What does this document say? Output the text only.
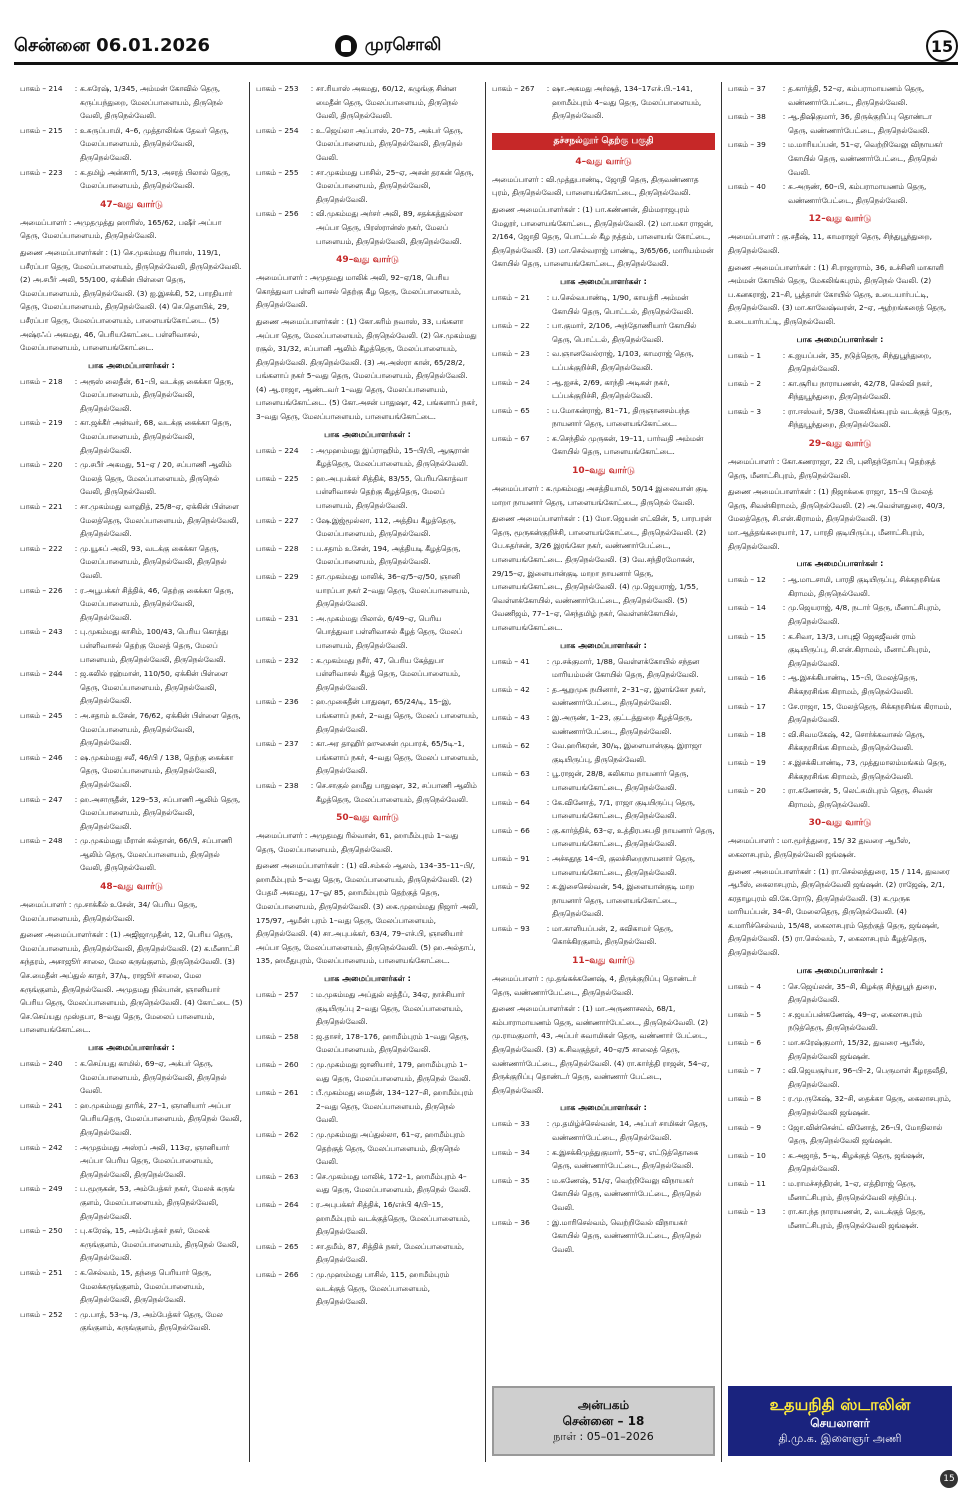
சென்னை 06.01.2026	முரசொலி	15
பாகம் – 214	: க.சுரேஷ், 1/345, அம்மன் கோவில் தெரு, கருப்பந்துறை, மேலப்பாளையம், திருநெல் வேலி, திருநெல்வேலி.
பாகம் – 215	: உசுருப்பாமி, 4–6, முத்தாலிங்க தேவர் தெரு, மேலப்பாளையம், திருநெல்வேலி, திருநெல்வேலி.
பாகம் – 223	: க.தமிழ் அன்சாரி, 5/13, அசரத் பிலால் தெரு, மேலப்பாளையம், திருநெல்வேலி.
47–வது வார்டு
அமைப்பாளர் : அமுதமுத்து ஹாரிஸ், 165/62, பஷீர் அப்பா தெரு, மேலப்பாளையம், திருநெல்வேலி.
துணை அமைப்பாளர்கள் : (1) செ.முகம்மது ரியாஸ், 119/1, பசீரப்பா தெரு, மேலப்பாளையம், திருநெல்வேலி, திருநெல்வேலி. (2) அ.சபீர் அலி, 55/100, ஏக்கின் பிள்ளை தெரு, மேலப்பாளையம், திருநெல்வேலி. (3) ஐ.இசக்கி, 52, பாரதியார் தெரு, மேலப்பாளையம், திருநெல்வேலி. (4) செ.தௌபிக், 29, பசீரப்பா தெரு, மேலப்பாளையம், பாளையங்கோட்டை. (5) அஷ்ரஃப் அகமது, 46, பெரியகோட்டை பள்ளிவாசல், மேலப்பாளையம், பாளையங்கோட்டை.
பாக அமைப்பாளர்கள் :
பாகம் – 218	: அரூஸ் லைதீன், 61–பி, வடக்கு கைக்கா தெரு, மேலப்பாளையம், திருநெல்வேலி, திருநெல்வேலி.
பாகம் – 219	: கா.ஜக்கீர் அன்வர், 68, வடக்கு கைக்கா தெரு, மேலப்பாளையம், திருநெல்வேலி, திருநெல்வேலி.
பாகம் – 220	: மு.சபீர் அகமது, 51–ஏ / 20, சப்பாணி ஆலிம் மேலத் தெரு, மேலப்பாளையம், திருநெல் வேலி, திருநெல்வேலி.
பாகம் – 221	: சா.முகம்மது வாஹித், 25/8–ஏ, ஏக்கின் பிள்ளை மேலத்தெரு, மேலப்பாளையம், திருநெல்வேலி, திருநெல்வேலி.
பாகம் – 222	: மு.யூசுப் அலி, 93, வடக்கு கைக்கா தெரு, மேலப்பாளையம், திருநெல்வேலி, திருநெல் வேலி.
பாகம் – 226	: ர.அபூபக்கர் சித்திக், 46, தெற்கு கைக்கா தெரு, மேலப்பாளையம், திருநெல்வேலி, திருநெல்வேலி.
பாகம் – 243	: பு.முகம்மது காசிம், 100/43, பெரிய கொத்து பள்ளிவாசல் தெற்கு மேலத் தெரு, மேலப் பாளையம், திருநெல்வேலி, திருநெல்வேலி.
பாகம் – 244	: ஜ.கலில் ரஹ்மான், 110/50, ஏக்கின் பிள்ளை தெரு, மேலப்பாளையம், திருநெல்வேலி, திருநெல்வேலி.
பாகம் – 245	: அ.சதாம் உசேன், 76/62, ஏக்கின் பிள்ளை தெரு, மேலப்பாளையம், திருநெல்வேலி, திருநெல்வேலி.
பாகம் – 246	: ஷ.முகம்மது சலீ, 46/பி / 138, தெற்கு கைக்கா தெரு, மேலப்பாளையம், திருநெல்வேலி, திருநெல்வேலி.
பாகம் – 247	: ஹ.அசாருதீன், 129–53, சப்பாணி ஆலிம் தெரு, மேலப்பாளையம், திருநெல்வேலி, திருநெல்வேலி.
பாகம் – 248	: மு.முகம்மது மீரான் கல்தான், 66/பி, சப்பாணி ஆலிம் தெரு, மேலப்பாளையம், திருநெல் வேலி, திருநெல்வேலி.
48–வது வார்டு
அமைப்பாளர் : மு.சாக்கீல் உசேன், 34/ பெரிய தெரு, மேலப்பாளையம், திருநெல்வேலி.
துணை அமைப்பாளர்கள் : (1) அஜிஜாமுதீன், 12, பெரிய தெரு, மேலப்பாளையம், திருநெல்வேலி, திருநெல்வேலி. (2) க.மீனாட்சி சுந்தரம், அசாஜூர் சாலை, மேல கருங்குளம், திருநெல்வேலி. (3) செ.மைதீன் அப்துல் காதர், 37/டி, ராஜூர் சாலை, மேல கருங்குளம், திருநெல்வேலி. அமுதமது நில்பான், ஞானியார் பெரிய தெரு, மேலப்பாளையம், திருநெல்வேலி. (4) கோட்டை (5) செ.செய்யது முஸ்தபா, 8–வது தெரு, மேலைப் பாளையம், பாளையங்கோட்டை.
பாக அமைப்பாளர்கள் :
பாகம் – 240	: க.செய்யது காமில், 69–ஏ, அக்பர் தெரு, மேலப்பாளையம், திருநெல்வேலி, திருநெல் வேலி.
பாகம் – 241	: ஹ.முகம்மது தாரிக், 27–1, ஞானியார் அப்பா பெரியதெரு, மேலப்பாளையம், திருநெல் வேலி, திருநெல்வேலி.
பாகம் – 242	: அமுதம்மது அஸ்ரப் அலி, 113ஏ, ஞானியார் அப்பா பெரிய தெரு, மேலப்பாளையம், திருநெல்வேலி, திருநெல்வேலி.
பாகம் – 249	: ப.மூருகன், 53, அம்பேத்கர் நகர், மேலக் கருங் குளம், மேலப்பாளையம், திருநெல்வேலி, திருநெல்வேலி.
பாகம் – 250	: பு.சுரேஷ், 15, அம்பேத்கர் நகர், மேலக் கருங்குளம், மேலப்பாளையம், திருநெல் வேலி, திருநெல்வேலி.
பாகம் – 251	: க.செல்வம், 15, தந்தை பெரியார் தெரு, மேலக்கருங்குளம், மேலப்பாளையம், திருநெல்வேலி, திருநெல்வேலி.
பாகம் – 252	: மு.பாத், 53–டி /3, அம்பேத்கர் தெரு, மேல குங்குளம், கருங்குளம், திருநெல்வேலி.
பாகம் – 253	: சா.ரியாஸ் அகமது, 60/12, கழுங்கு சின்ன மைதீன் தெரு, மேலப்பாளையம், திருநெல் வேலி, திருநெல்வேலி.
பாகம் – 254	: உ.ஜெய்லா அப்பாஸ், 20–75, அக்பர் தெரு, மேலப்பாளையம், திருநெல்வேலி, திருநெல் வேலி.
பாகம் – 255	: சா.முகம்மது பாசில், 25–ஏ, அசன் தரகன் தெரு, மேலப்பாளையம், திருநெல்வேலி, திருநெல்வேலி.
பாகம் – 256	: வி.முகம்மது அர்சர் அலி, 89, சதக்கத்துல்லா அப்பா தெரு, பிரஸ்ரான்ஸ் நகர், மேலப் பாளையம், திருநெல்வேலி, திருநெல்வேலி.
49–வது வார்டு
அமைப்பாளர் : அமுதமது மாலிக் அலி, 92–ஏ/18, பெரிய கொத்துவா பள்ளி வாசல் தெற்கு கீழ தெரு, மேலப்பாளையம், திருநெல்வேலி.
துணை அமைப்பாளர்கள் : (1) கோ.கரிம் நவாஸ், 33, பங்களா அப்பா தெரு, மேலப்பாளையம், திருநெல்வேலி. (2) செ.முகம்மது ரசூல், 31/32, சப்பானி ஆலிம் கீழத்தெரு, மேலப்பாளையம், திருநெல்வேலி. திருநெல்வேலி. (3) அ.அஸ்ரா கான், 65/28/2, பங்களாப் நகர் 5–வது தெரு, மேலப்பாளையம், திருநெல்வேலி. (4) ஆ.ராஜா, ஆண்டவர் 1–வது தெரு, மேலப்பாளையம், பாளையங்கோட்டை. (5) கோ.அசன் பாதுஷா, 42, பங்களாப் நகர், 3–வது தெரு, மேலப்பாளையம், பாளையங்கோட்டை.
பாக அமைப்பாளர்கள் :
பாகம் – 224	: அமுஹம்மது இப்ராஹிம், 15–பி/பி, ஆசூரான் கீழத்தெரு, மேலப்பாளையம், திருநெல்வேலி.
பாகம் – 225	: ஹ.அபுபக்கர் சித்திக், 83/55, பெரியகொத்வா பள்ளிவாசல் தெற்கு கீழத்தெரு, மேலப் பாளையம், திருநெல்வேலி.
பாகம் – 227	: ஷே.இஜ்மூல்லா, 112, அத்திய கீழத்தெரு, மேலப்பாளையம், திருநெல்வேலி.
பாகம் – 228	: ப.சதாம் உசேன், 194, அத்தியடி கீழத்தெரு, மேலப்பாளையம், திருநெல்வேலி.
பாகம் – 229	: தா.முகம்மது மாலிக், 36–ஏ/5–ஏ/50, ஞானி யாரப்பா நகர் 2–வது தெரு, மேலப்பாளையம், திருநெல்வேலி.
பாகம் – 231	: அ.முகம்மது பிலால், 6/49–ஏ, பெரிய பொத்துவா பள்ளிவாசல் கீழத் தெரு, மேலப் பாளையம், திருநெல்வேலி.
பாகம் – 232	: க.முகம்மது நசீர், 47, பெரிய கேத்துபா பள்ளிவாசல் கீழத் தெரு, மேலப்பாளையம், திருநெல்வேலி.
பாகம் – 236	: ஹ.முகைதீன் பாதுஷா, 65/24/டி, 15–இ, பங்களாப் நகர், 2–வது தெரு, மேலப் பாளையம், திருநெல்வேலி.
பாகம் – 237	: கா.அர தாஹிர் ஹுசைன் முபாரக், 65/5டி–1, பங்களாப் நகர், 4–வது தெரு, மேலப் பாளையம், திருநெல்வேலி.
பாகம் – 238	: செ.சாகுல் ஹமீது பாதுஷா, 32, சப்பாணி ஆலிம் கீழத்தெரு, மேலப்பாளையம், திருநெல்வேலி.
50–வது வார்டு
அமைப்பாளர் : அமுதமது ரில்வான், 61, ஹாமீம்புரம் 1–வது தெரு, மேலப்பாளையம், திருநெல்வேலி.
துணை அமைப்பாளர்கள் : (1) வி.சம்சுல் ஆலம், 134–35–11–பி/, ஹாமீம்புரம் 5–வது தெரு, மேலப்பாளையம், திருநெல்வேலி. (2) பேதமீ அகமது, 17–ஓ/ 85, ஹாமீம்புரம் தெற்குத் தெரு, மேலப்பாளையம், திருநெல்வேலி. (3) கை.முஹம்மது நிஜார் அலி, 175/97, ஆமீன் புரம் 1–வது தெரு, மேலப்பாளையம், திருநெல்வேலி. (4) சா.அபுபக்கர், 63/4, 79–எச்.பி, ஞானியார் அப்பா தெரு, மேலப்பாளையம், திருநெல்வேலி. (5) ஹ.அல்தாப், 135, ஹமீதுபுரம், மேலப்பாளையம், பாளையங்கோட்டை.
பாக அமைப்பாளர்கள் :
பாகம் – 257	: ம.முகம்மது அப்துல் லத்தீப், 34ஏ, நாச்சியார் குடியிருப்பு 2–வது தெரு, மேலப்பாளையம், திருநெல்வேலி.
பாகம் – 258	: ஜ.தாசர், 178–176, ஹாமீம்புரம் 1–வது தெரு, மேலப்பாளையம், திருநெல்வேலி.
பாகம் – 260	: மு.முகம்மது ஜானியார், 179, ஹாமீம்புரம் 1–வது தெரு, மேலப்பாளையம், திருநெல் வேலி.
பாகம் – 261	: பீ.முகம்மது மைதீன், 134–127–சி, ஹாமீம்புரம் 2–வது தெரு, மேலப்பாளையம், திருநெல் வேலி.
பாகம் – 262	: மு.முகம்மது அப்துல்லா, 61–ஏ, ஹாமீம்புரம் தெற்குத் தெரு, மேலப்பாளையம், திருநெல் வேலி.
பாகம் – 263	: செ.முகம்மது மாலிக், 172–1, ஹாமீம்புரம் 4–வது தெரு, மேலப்பாளையம், திருநெல் வேலி.
பாகம் – 264	: ர.அபுபக்கர் சித்திக், 16/எச்பி 4/பி–15, ஹாமீம்புரம் வடக்குத்தெரு, மேலப்பாளையம், திருநெல்வேலி.
பாகம் – 265	: சா.தமீம், 87, சித்திக் நகர், மேலப்பாளையம், திருநெல்வேலி.
பாகம் – 266	: மு.முஹம்மது பாசில், 115, ஹாமீம்புரம் வடக்குத் தெரு, மேலப்பாளையம், திருநெல்வேலி.
பாகம் – 267	: ஷா.அகமது அர்ஷத், 134–17எச்.பி.–141, ஹாமீம்புரம் 4–வது தெரு, மேலப்பாளையம், திருநெல்வேலி.
தச்சநல்லூர் தெற்கு பகுதி
4–வது வார்டு
அமைப்பாளர் : வி.முத்துபாண்டி, ஜோதி தெரு, திருவண்ணாத புரம், திருநெல்வேலி, பாளையங்கோட்டை, திருநெல்வேலி.
துணை அமைப்பாளர்கள் : (1) பா.கண்ணன், திம்மராஜபுரம் மேலூர், பாளையங்கோட்டை, திருநெல்வேலி. (2) மா.மகா ராஜன், 2/164, ஜோதி தெரு, பொட்டல் கீழ நத்தம், பாளையங் கோட்டை, திருநெல்வேலி. (3) மா.செல்வராஜ் பாண்டி, 3/65/66, மாரியம்மன் கோயில் தெரு, பாளையங்கோட்டை, திருநெல்வேலி.
பாக அமைப்பாளர்கள் :
பாகம் – 21	: ப.செல்வபாண்டி, 1/90, காயத்ரி அம்மன் கோயில் தெரு, பொட்டல், திருநெல்வேலி.
பாகம் – 22	: பா.குமார், 2/106, அந்தோணியார் கோயில் தெரு, பொட்டல், திருநெல்வேலி.
பாகம் – 23	: வ.ஞானவேல்ராஜ், 1/103, காமராஜ் தெரு, டப்பக்குறிச்சி, திருநெல்வேலி.
பாகம் – 24	: ஆ.ஐசக், 2/69, காந்தி அடிகள் நகர், டப்பக்குறிச்சி, திருநெல்வேலி.
பாகம் – 65	: ப.மோகன்ராஜ், 81–71, திருஞானசம்பந்த நாயனார் தெரு, பாளையங்கோட்டை.
பாகம் – 67	: சு.செந்தில் முருகன், 19–11, பார்வதி அம்மன் கோயில் தெரு, பாளையங்கோட்டை.
10–வது வார்டு
அமைப்பாளர் : க.முகம்மது அசத்தியாமி, 50/14 இலையான் குடி மாறா நாயனார் தெரு, பாளையங்கோட்டை, திருநெல் வேலி.
துணை அமைப்பாளர்கள் : (1) மோ.ஜெயன் எட்வின், 5, பாரபரன் தெரு, மூருகன்குறிச்சி, பாளையங்கோட்டை, திருநெல்வேலி. (2) பே.சுதர்சன், 3/26 இரங்கோ நகர், வண்ணார்பேட்டை, பாளையங்கோட்டை. திருநெல்வேலி. (3) வே.சந்திரமோகன், 29/15–ஏ, இளையான்குடி மாறா நாயனார் தெரு, பாளையங்கோட்டை, திருநெல்வேலி. (4) மு.ஜெயராஜ், 1/55, வெள்ளக்கோயில், வண்ணார்பேட்டை, திருநெல்வேலி. (5) வேணிஜம், 77–1–ஏ, செந்தமிழ் நகர், வெள்ளக்கோயில், பாளையங்கோட்டை.
பாக அமைப்பாளர்கள் :
பாகம் – 41	: மு.சக்குமார், 1/88, வெள்ளக்கோயில் சந்தன மாரியம்மன் கோயில் தெரு, திருநெல்வேலி.
பாகம் – 42	: த.ஆறுமுக நயினார், 2–31–ஏ, இளங்கோ நகர், வண்ணார்பேட்டை, திருநெல்வேலி.
பாகம் – 43	: இ.அருண், 1–23, குட்டத்துறை கீழத்தெரு, வண்ணார்பேட்டை, திருநெல்வேலி.
பாகம் – 62	: வே.ஹரிகரன், 30/டி, இளையான்குடி இராஜா குடியிருப்பு, திருநெல்வேலி.
பாகம் – 63	: பூ.ராஜன், 28/8, கலிகாம நாயனார் தெரு, பாளையங்கோட்டை, திருநெல்வேலி.
பாகம் – 64	: கே.வினோத், 7/1, ராஜா குடியிருப்பு தெரு, பாளையங்கோட்டை, திருநெல்வேலி.
பாகம் – 66	: கு.கார்த்திக், 63–ஏ, உத்திரபசுபதி நாயனார் தெரு, பாளையங்கோட்டை, திருநெல்வேலி.
பாகம் – 91	: அச்சுதூத 14–பி, குலச்சிறைநாயனார் தெரு, பாளையங்கோட்டை, திருநெல்வேலி.
பாகம் – 92	: சு.இசைசெல்வன், 54, இளையான்குடி மாற நாயனார் தெரு, பாளையங்கோட்டை, திருநெல்வேலி.
பாகம் – 93	: மா.காளியப்பன், 2, கவிகாமர் தெரு, கொக்கிரகுளம், திருநெல்வேலி.
11–வது வார்டு
அமைப்பாளர் : மு.தங்கக்கணேஷ், 4, திருக்குறிப்பு தொண்டர் தெரு, வண்ணார்பேட்டை, திருநெல்வேலி.
துணை அமைப்பாளர்கள் : (1) மா.அருணாசலம், 68/1, கம்பாராமாயணம் தெரு, வண்ணார்பேட்டை, திருநெல்வேலி. (2) மு.ராமகுமார், 43, அப்பர் சுவாமிகள் தெரு, வண்ணார் பேட்டை, திருநெல்வேலி. (3) க.சிவகுத்தர், 40–ஏ/5 சாலைத் தெரு, வண்ணார்பேட்டை, திருநெல்வேலி. (4) ரா.கார்த்தி ராஜன், 54–ஏ, திருக்குறிப்பு தொண்டர் தெரு, வண்ணார் பேட்டை, திருநெல்வேலி.
பாக அமைப்பாளர்கள் :
பாகம் – 33	: மு.தமிழ்ச்செல்வன், 14, அப்பர் சாமிகள் தெரு, வண்ணார்பேட்டை, திருநெல்வேலி.
பாகம் – 34	: க.இசக்கிமுத்துகுமார், 55–ஏ, எட்டுத்தொகை தெரு, வண்ணார்பேட்டை, திருநெல்வேலி.
பாகம் – 35	: ம.கணேஷ், 51/ஏ, வெற்றிவேலு விநாயகர் கோயில் தெரு, வண்ணார்பேட்டை, திருநெல் வேலி.
பாகம் – 36	: இ.மாரிசெல்வம், வெற்றிவேல் விநாயகர் கோயில் தெரு, வண்ணார்பேட்டை, திருநெல் வேலி.
அன்பகம்
சென்னை – 18
நாள் : 05–01–2026
பாகம் – 37	: த.கார்த்தி, 52–ஏ, கம்பராமாயணம் தெரு, வண்ணார்பேட்டை, திருநெல்வேலி.
பாகம் – 38	: ஆ.திஷிகுமார், 36, திருக்குறிப்பு தொண்டா தெரு, வண்ணார்பேட்டை, திருநெல்வேலி.
பாகம் – 39	: ம.மாரியப்பன், 51–ஏ, வெற்றிவேலு விநாயகர் கோயில் தெரு, வண்ணார்பேட்டை, திருநெல் வேலி.
பாகம் – 40	: சு.அருண், 60–பி, கம்பராமாயணம் தெரு, வண்ணார்பேட்டை, திருநெல்வேலி.
12–வது வார்டு
அமைப்பாளர் : கு.சதீஷ், 11, காமராஜர் தெரு, சிந்துபூந்துறை, திருநெல்வேலி.
துணை அமைப்பாளர்கள் : (1) சி.ராஜாராம், 36, உச்சினி மாகாளி அம்மன் கோயில் தெரு, மேகலிங்கபுரம், திருநெல் வேலி. (2) ப.கனகராஜ், 21–சி, பூத்தாள் கோயில் தெரு, உடையார்பட்டி, திருநெல்வேலி. (3) மா.காவேஷ்வரன், 2–ஏ, ஆற்றங்கரைத் தெரு, உடையார்பட்டி, திருநெல்வேலி.
பாக அமைப்பாளர்கள் :
பாகம் – 1	: க.ஐயப்பன், 35, நடுத்தெரு, சிந்துபூந்துறை, திருநெல்வேலி.
பாகம் – 2	: கா.சூரிய நாராயணன், 42/78, செல்வி நகர், சிந்துபூந்துறை, திருநெல்வேலி.
பாகம் – 3	: ரா.ஈஸ்வர், 5/38, மேகலிங்கபுரம் வடக்குத் தெரு, சிந்துபூந்துறை, திருநெல்வேலி.
29–வது வார்டு
அமைப்பாளர் : கோ.கணராஜா, 22 பி, புனிதந்தோப்பு தெற்குத் தெரு, மீனாட்சிபுரம், திருநெல்வேலி.
துணை அமைப்பாளர்கள் : (1) நிஜாக்கை ராஜா, 15–பி மேலத் தெரு, சிவன்கிராமம், திருநெல்வேலி. (2) அ.வெள்ளதுரை, 40/3, மேலத்தெரு, சி.என்.கிராமம், திருநெல்வேலி. (3) மா.ஆத்தங்கரையார், 17, பாரதி குடியிருப்பு, மீனாட்சிபுரம், திருநெல்வேலி.
பாக அமைப்பாளர்கள் :
பாகம் – 12	: ஆ.மாடசாமி, பாரதி குடியிருப்பு, சிக்கநரசிங்க கிராமம், திருநெல்வேலி.
பாகம் – 14	: மு.ஜெயராஜ், 4/8, நடார் தெரு, மீனாட்சிபுரம், திருநெல்வேலி.
பாகம் – 15	: க.சிவா, 13/3, பாபுஜி ஜெகஜீவன் ராம் குடியிருப்பு, சி.என்.கிராமம், மீனாட்சிபுரம், திருநெல்வேலி.
பாகம் – 16	: ஆ.இசக்கிபாண்டி, 15–பி, மேலத்தெரு, சிக்கநரசிங்க கிராமம், திருநெல்வேலி.
பாகம் – 17	: சே.ராஜா, 15, மேலத்தெரு, சிக்கநரசிங்க கிராமம், திருநெல்வேலி.
பாகம் – 18	: வி.சிவமகேஷ், 42, சொர்க்கவாசல் தெரு, சிக்கநரசிங்க கிராமம், திருநெல்வேலி.
பாகம் – 19	: ச.இசக்கிபாண்டி, 73, முத்துமாலம்மங்கம் தெரு, சிக்கநரசிங்க கிராமம், திருநெல்வேலி.
பாகம் – 20	: ரா.கணேசன், 5, லெட்சுமிபுரம் தெரு, சிவன் கிராமம், திருநெல்வேலி.
30–வது வார்டு
அமைப்பாளர் : மா.மூர்த்துரை, 15/ 32 துவரை ஆபீஸ், கைலாசபுரம், திருநெல்வேலி ஜங்ஷன்.
துணை அமைப்பாளர்கள் : (1) ரா.செல்லத்துரை, 15 / 114, துவரை ஆபீஸ், கைலாசபுரம், திருநெல்வேலி ஜங்ஷன். (2) ராஜேஷ், 2/1, கரதாழபுரம் வி.கே.ரோடு, திருநெல்வேலி. (3) க.முருக மாரியப்பன், 34–சி, மேலைதெரு, திருநெல்வேலி. (4) க.மாரிச்செல்வம், 15/48, கைலாசபுரம் தெற்குத் தெரு, ஜங்ஷன், திருநெல்வேலி. (5) ரா.செல்வம், 7, கைலாசபுரம் கீழத்தெரு, திருநெல்வேலி.
பாக அமைப்பாளர்கள் :
பாகம் – 4	: செ.ஜெய்லன், 35–சி, கிழக்கு சிந்துபூந் துறை, திருநெல்வேலி.
பாகம் – 5	: ச.ஜயப்பன்கணேஷ், 49–ஏ, கைலாசபுரம் நடுத்தெரு, திருநெல்வேலி.
பாகம் – 6	: மா.சுரேஷ்குமார், 15/32, துவரை ஆபீஸ், திருநெல்வேலி ஜங்ஷன்.
பாகம் – 7	: வி.ஜெயசூர்யா, 96–பி–2, பெருமாள் கீழரதவீதி, திருநெல்வேலி.
பாகம் – 8	: ர.மு.ருகேஷ், 32–சி, தைக்கா தெரு, கைலாசபுரம், திருநெல்வேலி ஜங்ஷன்.
பாகம் – 9	: ஜோ.வின்சென்ட் வினோத், 26–பி, மோதிலால் தெரு, திருநெல்வேலி ஜங்ஷன்.
பாகம் – 10	: க.அஜாத், 5–டி, கிழக்குத் தெரு, ஜங்ஷன், திருநெல்வேலி.
பாகம் – 11	: ம.ராமச்சந்திரன், 1–ஏ, எத்திராஜ் தெரு, மீனாட்சிபுரம், திருநெல்வேலி சந்திப்பு.
பாகம் – 13	: ரா.கா.ந்த நாராயணன், 2, வடக்குத் தெரு, மீனாட்சிபுரம், திருநெல்வேலி ஜங்ஷன்.
உதயநிதி ஸ்டாலின்
செயலாளர்
தி.மு.க. இளைஞர் அணி
15
